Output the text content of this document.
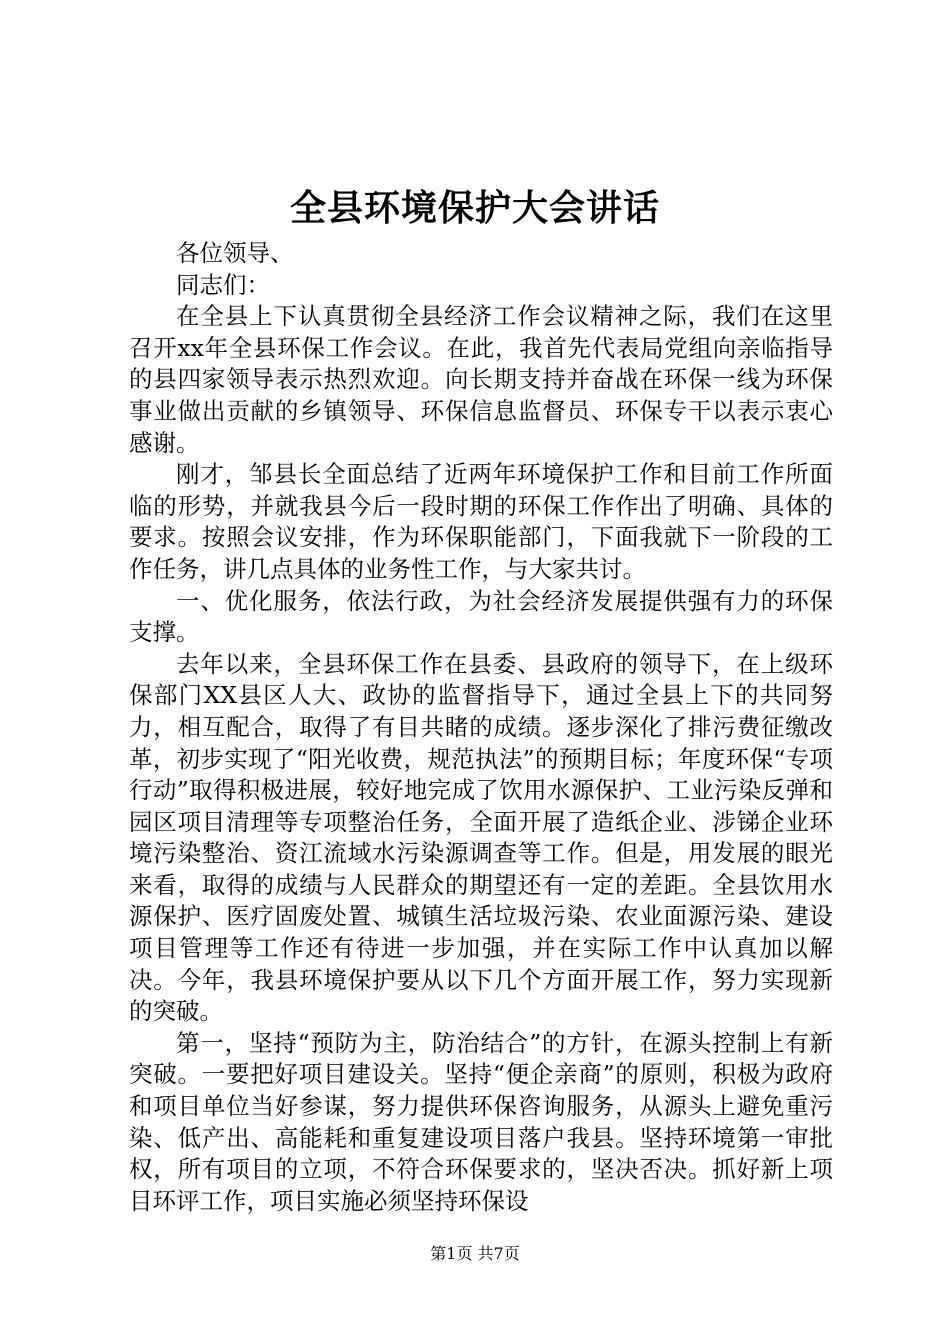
全县环境保护大会讲话

各位领导、

同志们：

在全县上下认真贯彻全县经济工作会议精神之际，我们在这里召开xx年全县环保工作会议。在此，我首先代表局党组向亲临指导的县四家领导表示热烈欢迎。向长期支持并奋战在环保一线为环保事业做出贡献的乡镇领导、环保信息监督员、环保专干以表示衷心感谢。

刚才，邹县长全面总结了近两年环境保护工作和目前工作所面临的形势，并就我县今后一段时期的环保工作作出了明确、具体的要求。按照会议安排，作为环保职能部门，下面我就下一阶段的工作任务，讲几点具体的业务性工作，与大家共讨。

一、优化服务，依法行政，为社会经济发展提供强有力的环保支撑。

去年以来，全县环保工作在县委、县政府的领导下，在上级环保部门XX县区人大、政协的监督指导下，通过全县上下的共同努力，相互配合，取得了有目共睹的成绩。逐步深化了排污费征缴改革，初步实现了“阳光收费，规范执法”的预期目标；年度环保“专项行动”取得积极进展，较好地完成了饮用水源保护、工业污染反弹和园区项目清理等专项整治任务，全面开展了造纸企业、涉锑企业环境污染整治、资江流域水污染源调查等工作。但是，用发展的眼光来看，取得的成绩与人民群众的期望还有一定的差距。全县饮用水源保护、医疗固废处置、城镇生活垃圾污染、农业面源污染、建设项目管理等工作还有待进一步加强，并在实际工作中认真加以解决。今年，我县环境保护要从以下几个方面开展工作，努力实现新的突破。

第一，坚持“预防为主，防治结合”的方针，在源头控制上有新突破。一要把好项目建设关。坚持“便企亲商”的原则，积极为政府和项目单位当好参谋，努力提供环保咨询服务，从源头上避免重污染、低产出、高能耗和重复建设项目落户我县。坚持环境第一审批权，所有项目的立项，不符合环保要求的，坚决否决。抓好新上项目环评工作，项目实施必须坚持环保设

第1页 共7页
